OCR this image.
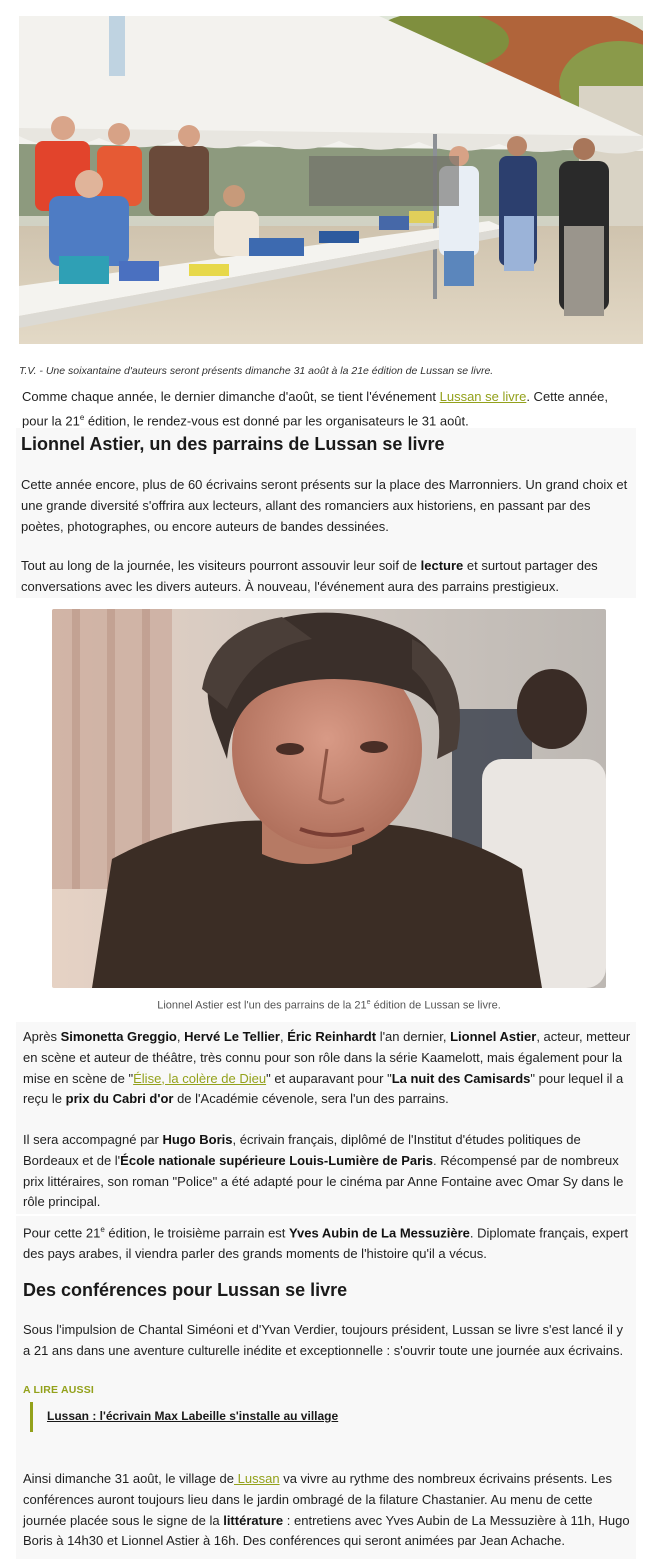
T.V. - Une soixantaine d'auteurs seront présents dimanche 31 août à la 21e édition de Lussan se livre.

Comme chaque année, le dernier dimanche d'août, se tient l'événement Lussan se livre. Cette année, pour la 21e édition, le rendez-vous est donné par les organisateurs le 31 août.

Lionnel Astier, un des parrains de Lussan se livre

Cette année encore, plus de 60 écrivains seront présents sur la place des Marronniers. Un grand choix et une grande diversité s'offrira aux lecteurs, allant des romanciers aux historiens, en passant par des poètes, photographes, ou encore auteurs de bandes dessinées.

Tout au long de la journée, les visiteurs pourront assouvir leur soif de lecture et surtout partager des conversations avec les divers auteurs. À nouveau, l'événement aura des parrains prestigieux.

Lionnel Astier est l'un des parrains de la 21e édition de Lussan se livre.

Après Simonetta Greggio, Hervé Le Tellier, Éric Reinhardt l'an dernier, Lionnel Astier, acteur, metteur en scène et auteur de théâtre, très connu pour son rôle dans la série Kaamelott, mais également pour la mise en scène de "Élise, la colère de Dieu" et auparavant pour "La nuit des Camisards" pour lequel il a reçu le prix du Cabri d'or de l'Académie cévenole, sera l'un des parrains.

Il sera accompagné par Hugo Boris, écrivain français, diplômé de l'Institut d'études politiques de Bordeaux et de l'École nationale supérieure Louis-Lumière de Paris. Récompensé par de nombreux prix littéraires, son roman "Police" a été adapté pour le cinéma par Anne Fontaine avec Omar Sy dans le rôle principal.

Pour cette 21e édition, le troisième parrain est Yves Aubin de La Messuzière. Diplomate français, expert des pays arabes, il viendra parler des grands moments de l'histoire qu'il a vécus.

Des conférences pour Lussan se livre

Sous l'impulsion de Chantal Siméoni et d'Yvan Verdier, toujours président, Lussan se livre s'est lancé il y a 21 ans dans une aventure culturelle inédite et exceptionnelle : s'ouvrir toute une journée aux écrivains.

A LIRE AUSSI
Lussan : l'écrivain Max Labeille s'installe au village

Ainsi dimanche 31 août, le village de Lussan va vivre au rythme des nombreux écrivains présents. Les conférences auront toujours lieu dans le jardin ombragé de la filature Chastanier. Au menu de cette journée placée sous le signe de la littérature : entretiens avec Yves Aubin de La Messuzière à 11h, Hugo Boris à 14h30 et Lionnel Astier à 16h. Des conférences qui seront animées par Jean Achache.
